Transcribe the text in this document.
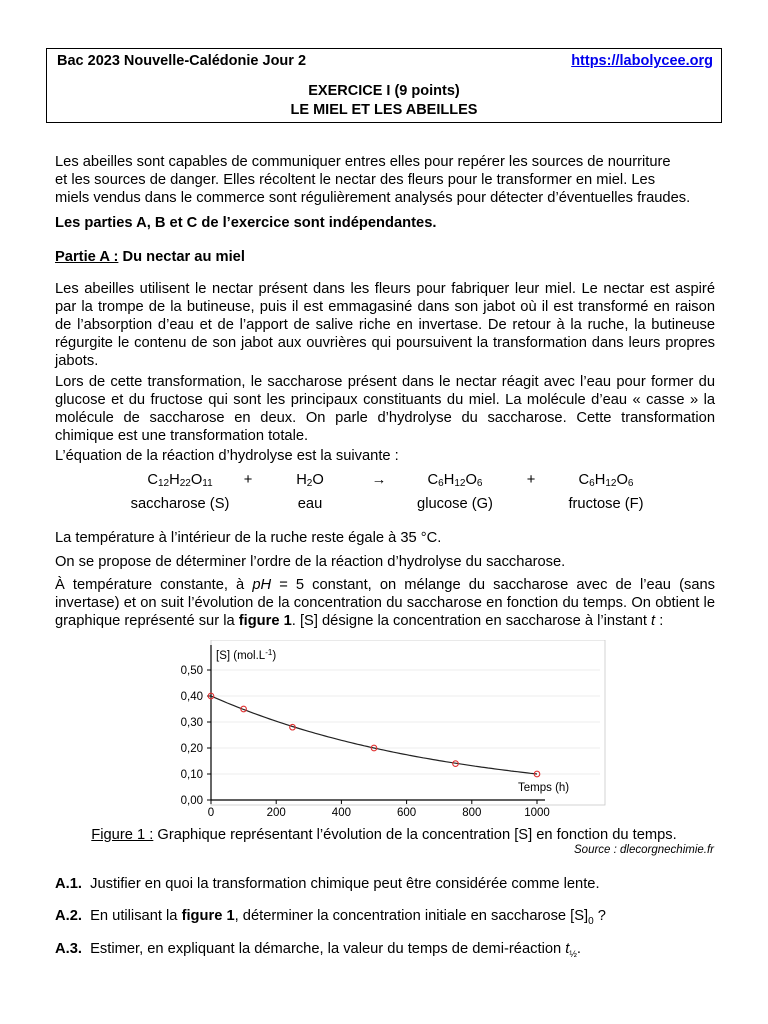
Bac 2023 Nouvelle-Calédonie Jour 2	https://labolycee.org
EXERCICE I (9 points)
LE MIEL ET LES ABEILLES
Les abeilles sont capables de communiquer entres elles pour repérer les sources de nourriture
et les sources de danger. Elles récoltent le nectar des fleurs pour le transformer en miel. Les
miels vendus dans le commerce sont régulièrement analysés pour détecter d’éventuelles fraudes.
Les parties A, B et C de l’exercice sont indépendantes.
Partie A : Du nectar au miel
Les abeilles utilisent le nectar présent dans les fleurs pour fabriquer leur miel. Le nectar est aspiré par la trompe de la butineuse, puis il est emmagasiné dans son jabot où il est transformé en raison de l’absorption d’eau et de l’apport de salive riche en invertase. De retour à la ruche, la butineuse régurgite le contenu de son jabot aux ouvrières qui poursuivent la transformation dans leurs propres jabots.
Lors de cette transformation, le saccharose présent dans le nectar réagit avec l’eau pour former du glucose et du fructose qui sont les principaux constituants du miel. La molécule d’eau « casse » la molécule de saccharose en deux. On parle d’hydrolyse du saccharose. Cette transformation chimique est une transformation totale.
L’équation de la réaction d’hydrolyse est la suivante :
$C_{12}H_{22}O_{11}$	+	$H_2O$	→	$C_6H_{12}O_6$	+	$C_6H_{12}O_6$
saccharose (S)	eau	glucose (G)	fructose (F)
La température à l’intérieur de la ruche reste égale à 35 °C.
On se propose de déterminer l’ordre de la réaction d’hydrolyse du saccharose.
À température constante, à pH = 5 constant, on mélange du saccharose avec de l’eau (sans invertase) et on suit l’évolution de la concentration du saccharose en fonction du temps. On obtient le graphique représenté sur la figure 1. [S] désigne la concentration en saccharose à l’instant t :
0,00
0,10
0,20
0,30
0,40
0,50
0	200	400	600	800	1000
[S] $(mol.L^{-1})$
Temps (h)
Figure 1 : Graphique représentant l’évolution de la concentration [S] en fonction du temps.
Source : dlecorgnechimie.fr
A.1. Justifier en quoi la transformation chimique peut être considérée comme lente.
A.2. En utilisant la figure 1, déterminer la concentration initiale en saccharose $[S]_0$ ?
A.3. Estimer, en expliquant la démarche, la valeur du temps de demi-réaction $t_{\frac{1}{2}}$.
